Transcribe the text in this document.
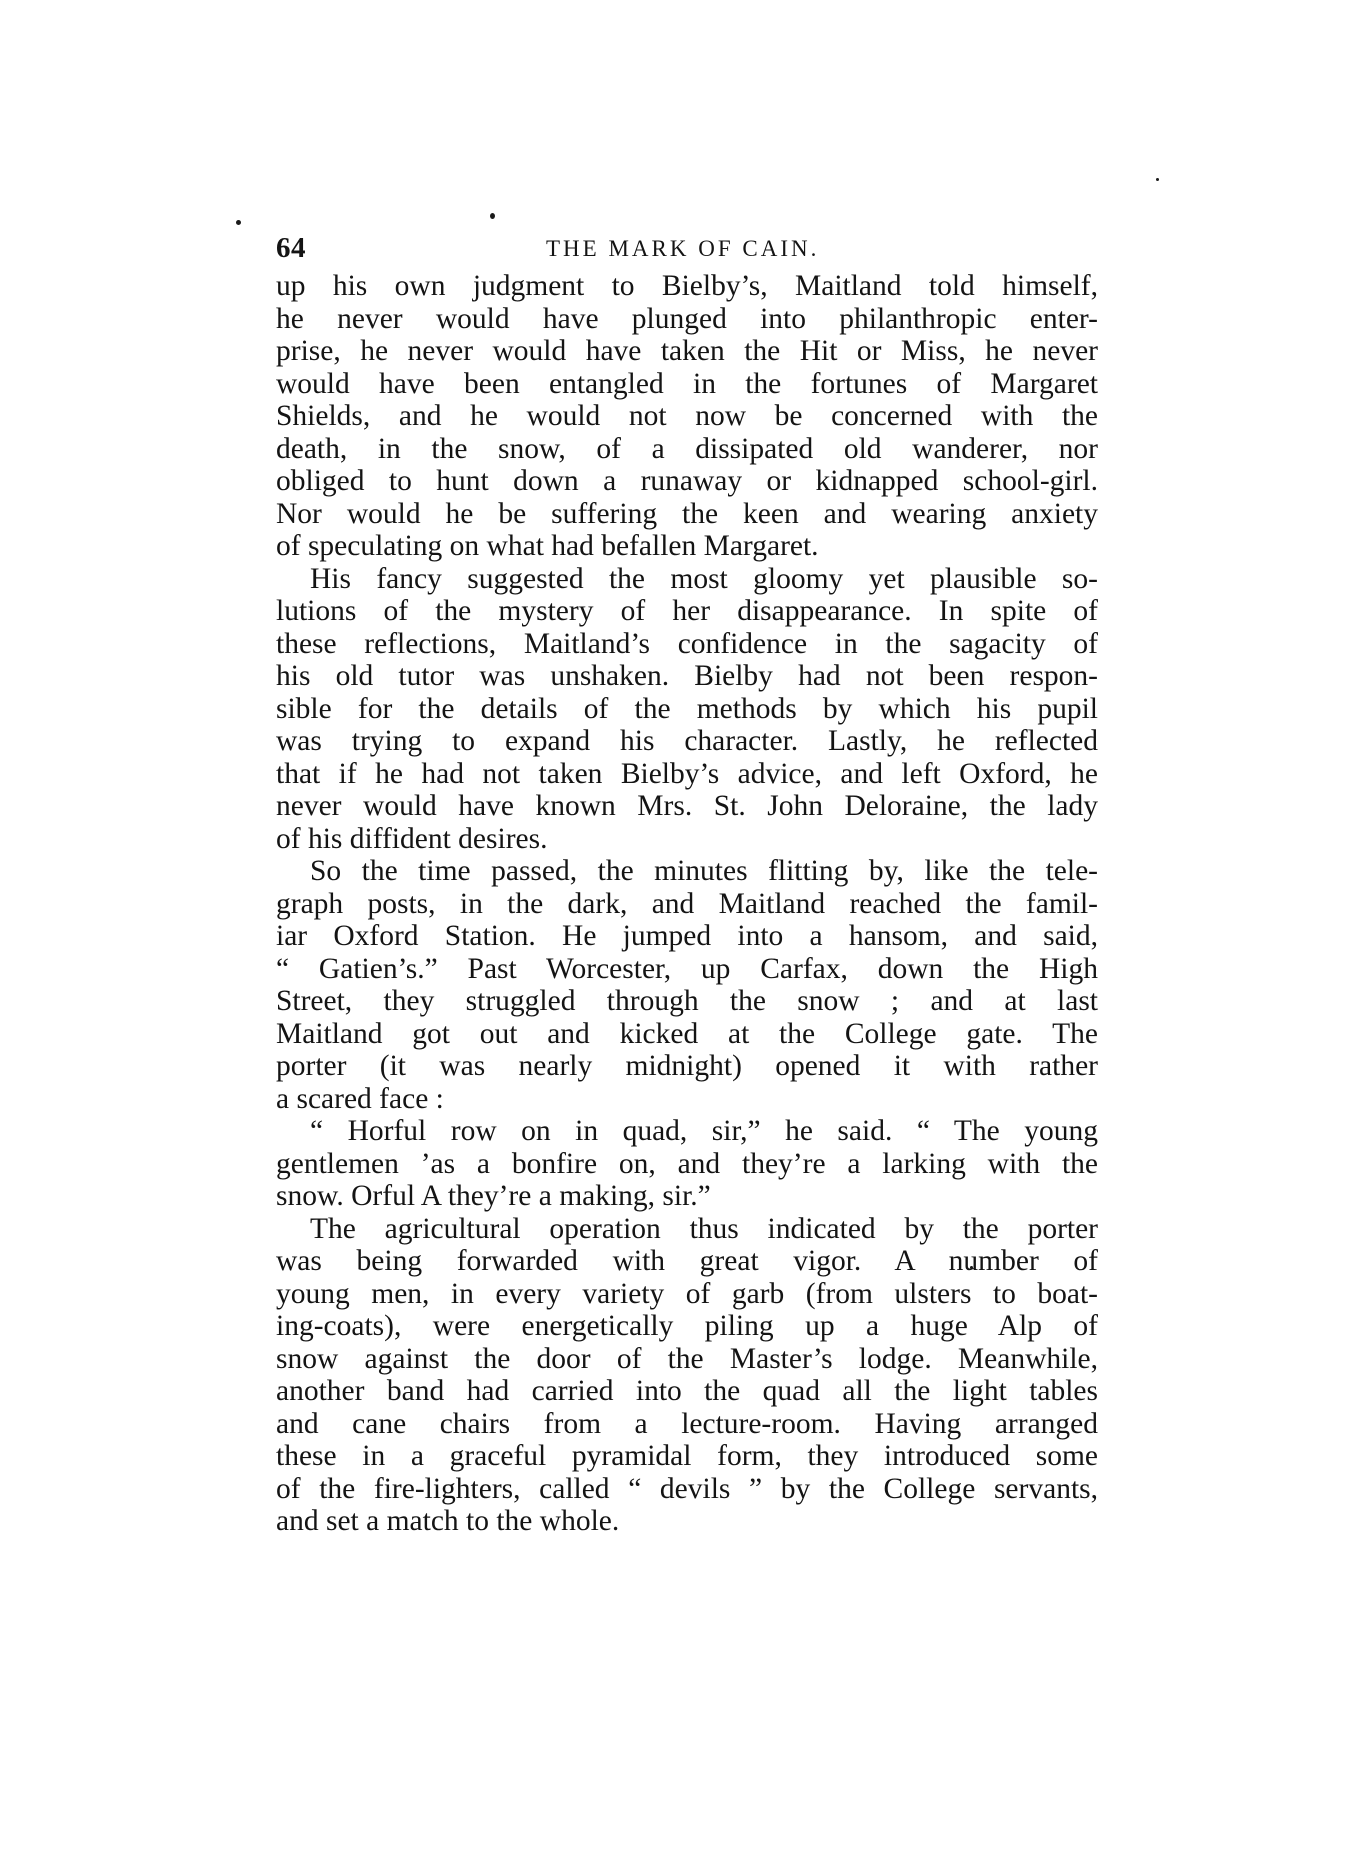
64	THE MARK OF CAIN.

up his own judgment to Bielby’s, Maitland told himself,
he never would have plunged into philanthropic enter-
prise, he never would have taken the Hit or Miss, he never
would have been entangled in the fortunes of Margaret
Shields, and he would not now be concerned with the
death, in the snow, of a dissipated old wanderer, nor
obliged to hunt down a runaway or kidnapped school-girl.
Nor would he be suffering the keen and wearing anxiety
of speculating on what had befallen Margaret.

His fancy suggested the most gloomy yet plausible so-
lutions of the mystery of her disappearance. In spite of
these reflections, Maitland’s confidence in the sagacity of
his old tutor was unshaken. Bielby had not been respon-
sible for the details of the methods by which his pupil
was trying to expand his character. Lastly, he reflected
that if he had not taken Bielby’s advice, and left Oxford, he
never would have known Mrs. St. John Deloraine, the lady
of his diffident desires.

So the time passed, the minutes flitting by, like the tele-
graph posts, in the dark, and Maitland reached the famil-
iar Oxford Station. He jumped into a hansom, and said,
“ Gatien’s.” Past Worcester, up Carfax, down the High
Street, they struggled through the snow ; and at last
Maitland got out and kicked at the College gate. The
porter (it was nearly midnight) opened it with rather
a scared face :

“ Horful row on in quad, sir,” he said. “ The young
gentlemen ’as a bonfire on, and they’re a larking with the
snow. Orful A they’re a making, sir.”

The agricultural operation thus indicated by the porter
was being forwarded with great vigor. A number of
young men, in every variety of garb (from ulsters to boat-
ing-coats), were energetically piling up a huge Alp of
snow against the door of the Master’s lodge. Meanwhile,
another band had carried into the quad all the light tables
and cane chairs from a lecture-room. Having arranged
these in a graceful pyramidal form, they introduced some
of the fire-lighters, called “ devils ” by the College servants,
and set a match to the whole.
